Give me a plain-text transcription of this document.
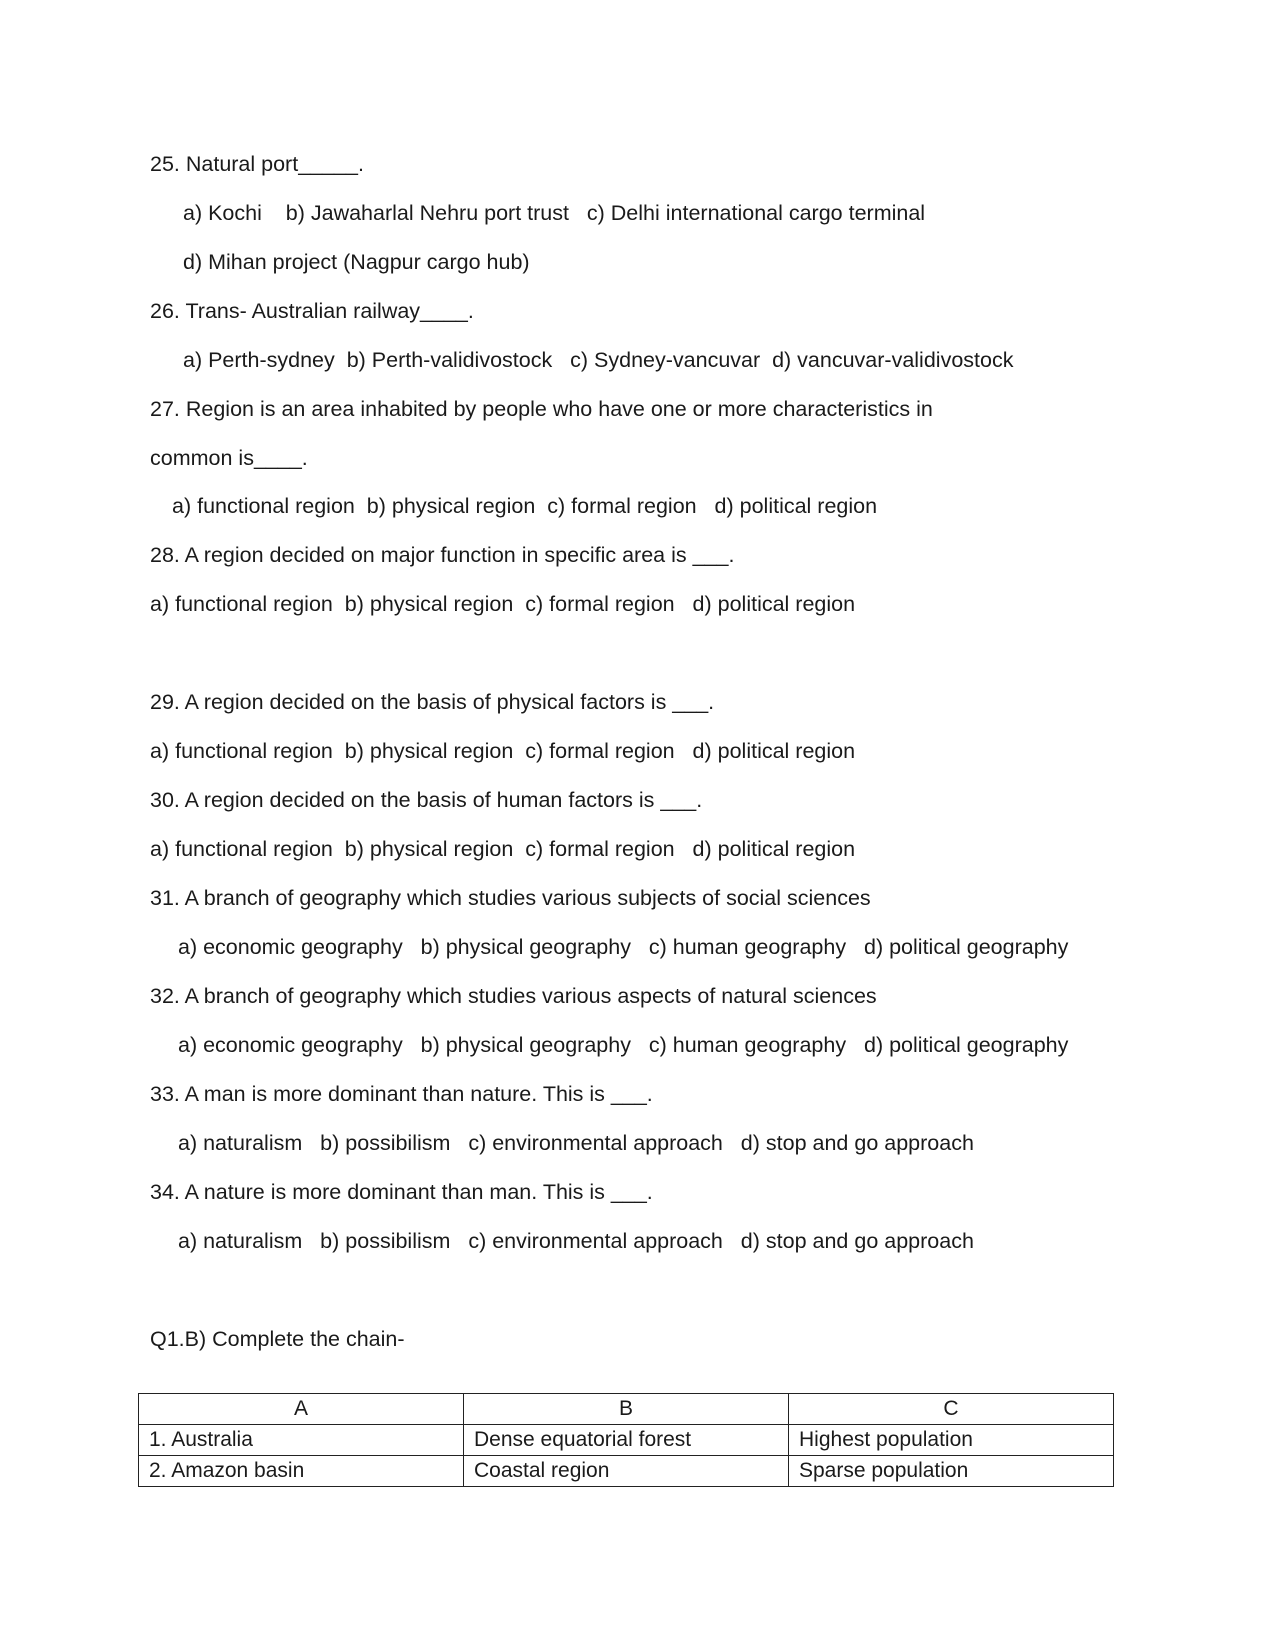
25. Natural port_____.
a) Kochi    b) Jawaharlal Nehru port trust   c) Delhi international cargo terminal
d) Mihan project (Nagpur cargo hub)
26. Trans- Australian railway____.
a) Perth-sydney  b) Perth-validivostock   c) Sydney-vancuvar  d) vancuvar-validivostock
27. Region is an area inhabited by people who have one or more characteristics in
common is____.
a) functional region  b) physical region  c) formal region   d) political region
28. A region decided on major function in specific area is ___.
a) functional region  b) physical region  c) formal region   d) political region
29. A region decided on the basis of physical factors is ___.
a) functional region  b) physical region  c) formal region   d) political region
30. A region decided on the basis of human factors is ___.
a) functional region  b) physical region  c) formal region   d) political region
31. A branch of geography which studies various subjects of social sciences
a) economic geography   b) physical geography   c) human geography   d) political geography
32. A branch of geography which studies various aspects of natural sciences
a) economic geography   b) physical geography   c) human geography   d) political geography
33. A man is more dominant than nature. This is ___.
a) naturalism   b) possibilism   c) environmental approach   d) stop and go approach
34. A nature is more dominant than man. This is ___.
a) naturalism   b) possibilism   c) environmental approach   d) stop and go approach
Q1.B) Complete the chain-
A	B	C
1. Australia	Dense equatorial forest	Highest population
2. Amazon basin	Coastal region	Sparse population
